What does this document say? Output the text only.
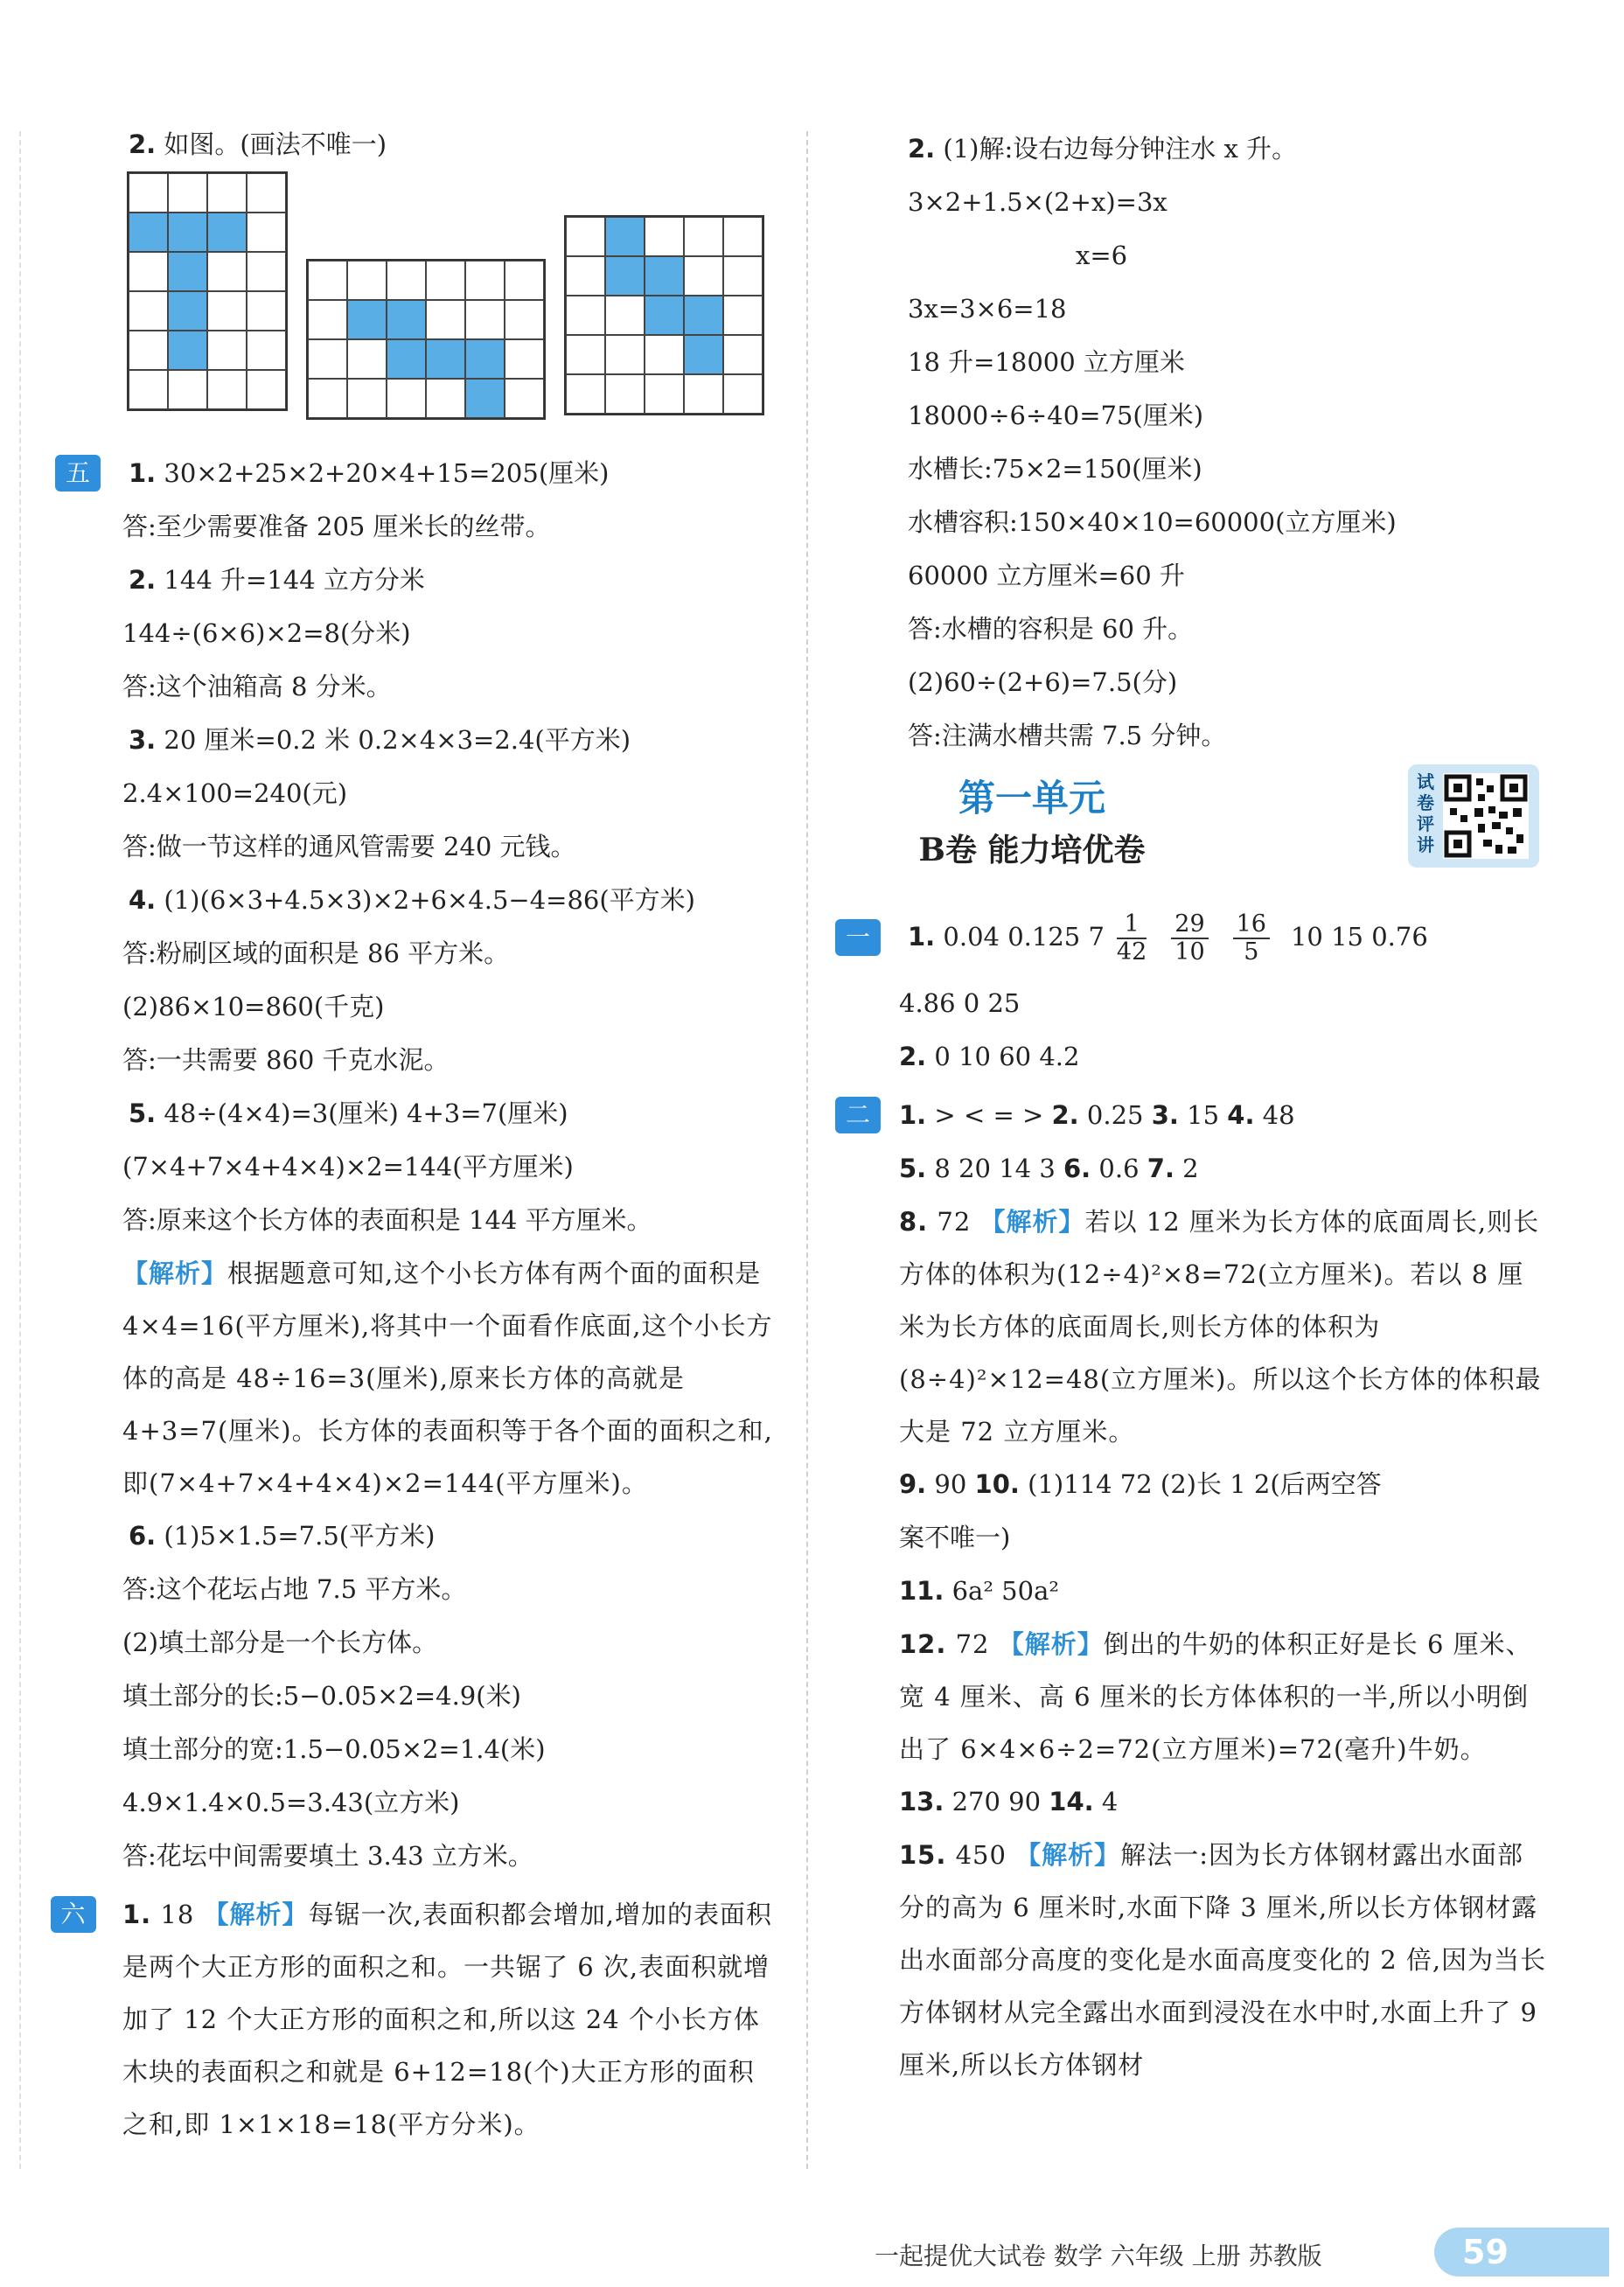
2. 如图。(画法不唯一)
五	1. 30×2+25×2+20×4+15=205(厘米)
答:至少需要准备 205 厘米长的丝带。
2. 144 升=144 立方分米
144÷(6×6)×2=8(分米)
答:这个油箱高 8 分米。
3. 20 厘米=0.2 米 0.2×4×3=2.4(平方米)
2.4×100=240(元)
答:做一节这样的通风管需要 240 元钱。
4. (1)(6×3+4.5×3)×2+6×4.5−4=86(平方米)
答:粉刷区域的面积是 86 平方米。
(2)86×10=860(千克)
答:一共需要 860 千克水泥。
5. 48÷(4×4)=3(厘米) 4+3=7(厘米)
(7×4+7×4+4×4)×2=144(平方厘米)
答:原来这个长方体的表面积是 144 平方厘米。
【解析】根据题意可知,这个小长方体有两个面的面积是 4×4=16(平方厘米),将其中一个面看作底面,这个小长方体的高是 48÷16=3(厘米),原来长方体的高就是 4+3=7(厘米)。长方体的表面积等于各个面的面积之和,即(7×4+7×4+4×4)×2=144(平方厘米)。
6. (1)5×1.5=7.5(平方米)
答:这个花坛占地 7.5 平方米。
(2)填土部分是一个长方体。
填土部分的长:5−0.05×2=4.9(米)
填土部分的宽:1.5−0.05×2=1.4(米)
4.9×1.4×0.5=3.43(立方米)
答:花坛中间需要填土 3.43 立方米。
六	1. 18 【解析】每锯一次,表面积都会增加,增加的表面积是两个大正方形的面积之和。一共锯了 6 次,表面积就增加了 12 个大正方形的面积之和,所以这 24 个小长方体木块的表面积之和就是 6+12=18(个)大正方形的面积之和,即 1×1×18=18(平方分米)。
2. (1)解:设右边每分钟注水 x 升。
3×2+1.5×(2+x)=3x
x=6
3x=3×6=18
18 升=18000 立方厘米
18000÷6÷40=75(厘米)
水槽长:75×2=150(厘米)
水槽容积:150×40×10=60000(立方厘米)
60000 立方厘米=60 升
答:水槽的容积是 60 升。
(2)60÷(2+6)=7.5(分)
答:注满水槽共需 7.5 分钟。
第一单元
B卷 能力培优卷
试卷评讲
一	1. 0.04 0.125 $7 \frac{1}{42} \frac{29}{10} \frac{16}{5} 10$ 15 0.76
4.86 0 25
2. 0 10 60 4.2
二	1. > < = > 2. 0.25 3. 15 4. 48
5. 8 20 14 3 6. 0.6 7. 2
8. 72 【解析】若以 12 厘米为长方体的底面周长,则长方体的体积为(12÷4)²×8=72(立方厘米)。若以 8 厘米为长方体的底面周长,则长方体的体积为(8÷4)²×12=48(立方厘米)。所以这个长方体的体积最大是 72 立方厘米。
9. 90 10. (1)114 72 (2)长 1 2(后两空答
案不唯一)
11. 6a² 50a²
12. 72 【解析】倒出的牛奶的体积正好是长 6 厘米、宽 4 厘米、高 6 厘米的长方体体积的一半,所以小明倒出了 6×4×6÷2=72(立方厘米)=72(毫升)牛奶。
13. 270 90 14. 4
15. 450 【解析】解法一:因为长方体钢材露出水面部分的高为 6 厘米时,水面下降 3 厘米,所以长方体钢材露出水面部分高度的变化是水面高度变化的 2 倍,因为当长方体钢材从完全露出水面到浸没在水中时,水面上升了 9 厘米,所以长方体钢材
一起提优大试卷 数学 六年级 上册 苏教版	59
